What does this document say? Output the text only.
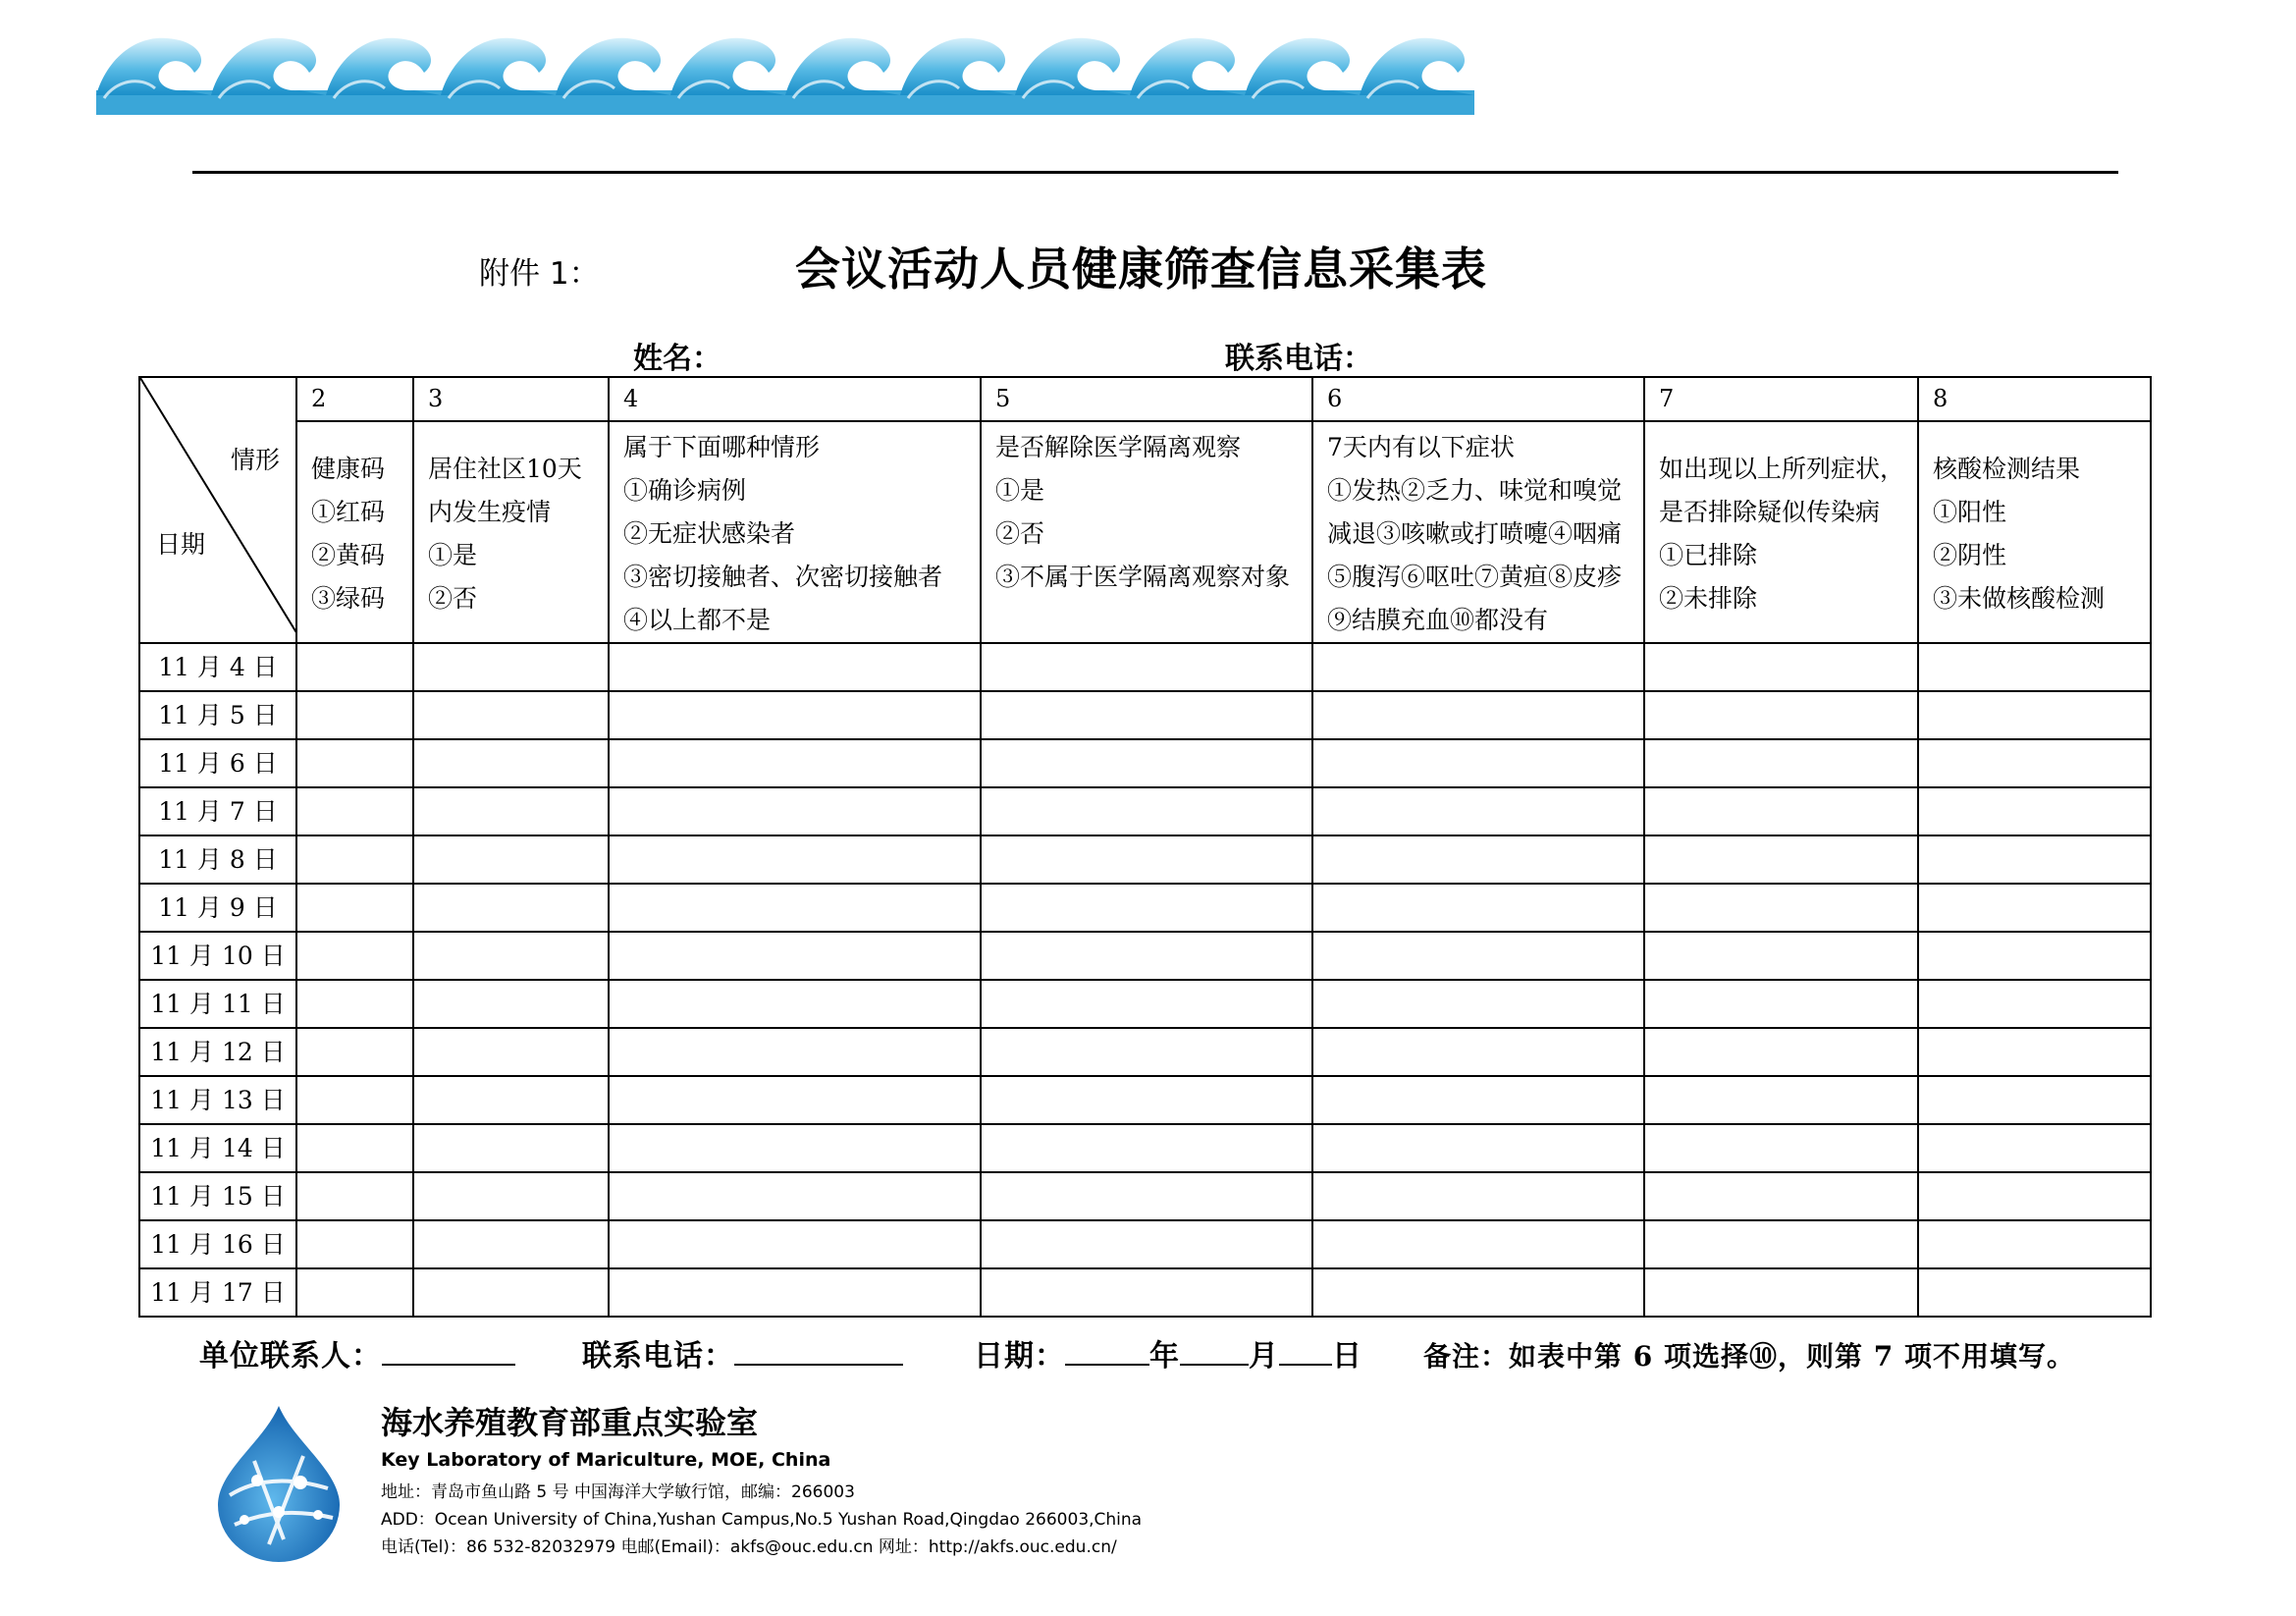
附件 1：	会议活动人员健康筛查信息采集表
姓名：	联系电话：
情形
日期	2	3	4	5	6	7	8

	健康码
①红码
②黄码
③绿码	居住社区10天
内发生疫情
①是
②否	属于下面哪种情形
①确诊病例
②无症状感染者
③密切接触者、次密切接触者
④以上都不是	是否解除医学隔离观察
①是
②否
③不属于医学隔离观察对象	7天内有以下症状
①发热②乏力、味觉和嗅觉
减退③咳嗽或打喷嚏④咽痛
⑤腹泻⑥呕吐⑦黄疸⑧皮疹
⑨结膜充血⑩都没有	如出现以上所列症状，
是否排除疑似传染病
①已排除
②未排除	核酸检测结果
①阳性
②阴性
③未做核酸检测

11 月 4 日							
11 月 5 日							
11 月 6 日							
11 月 7 日							
11 月 8 日							
11 月 9 日							
11 月 10 日							
11 月 11 日							
11 月 12 日							
11 月 13 日							
11 月 14 日							
11 月 15 日							
11 月 16 日							
11 月 17 日							
单位联系人：	联系电话：	日期：	年 月 日 备注：如表中第 6 项选择⑩，则第 7 项不用填写。
海水养殖教育部重点实验室
Key Laboratory of Mariculture, MOE, China
地址：青岛市鱼山路 5 号 中国海洋大学敏行馆，邮编：266003
ADD：Ocean University of China,Yushan Campus,No.5 Yushan Road,Qingdao 266003,China
电话(Tel)：86 532-82032979 电邮(Email)：akfs@ouc.edu.cn 网址：http://akfs.ouc.edu.cn/
